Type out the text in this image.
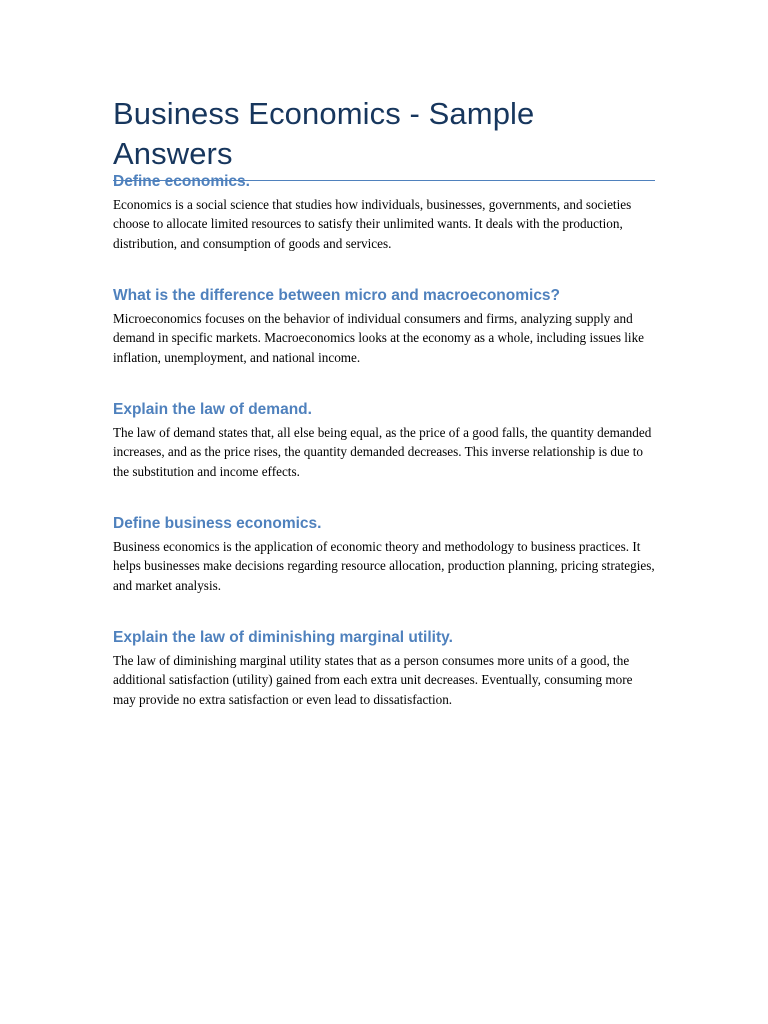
Business Economics - Sample Answers
Define economics.

Economics is a social science that studies how individuals, businesses, governments, and societies choose to allocate limited resources to satisfy their unlimited wants. It deals with the production, distribution, and consumption of goods and services.

What is the difference between micro and macroeconomics?

Microeconomics focuses on the behavior of individual consumers and firms, analyzing supply and demand in specific markets. Macroeconomics looks at the economy as a whole, including issues like inflation, unemployment, and national income.

Explain the law of demand.

The law of demand states that, all else being equal, as the price of a good falls, the quantity demanded increases, and as the price rises, the quantity demanded decreases. This inverse relationship is due to the substitution and income effects.

Define business economics.

Business economics is the application of economic theory and methodology to business practices. It helps businesses make decisions regarding resource allocation, production planning, pricing strategies, and market analysis.

Explain the law of diminishing marginal utility.

The law of diminishing marginal utility states that as a person consumes more units of a good, the additional satisfaction (utility) gained from each extra unit decreases. Eventually, consuming more may provide no extra satisfaction or even lead to dissatisfaction.
